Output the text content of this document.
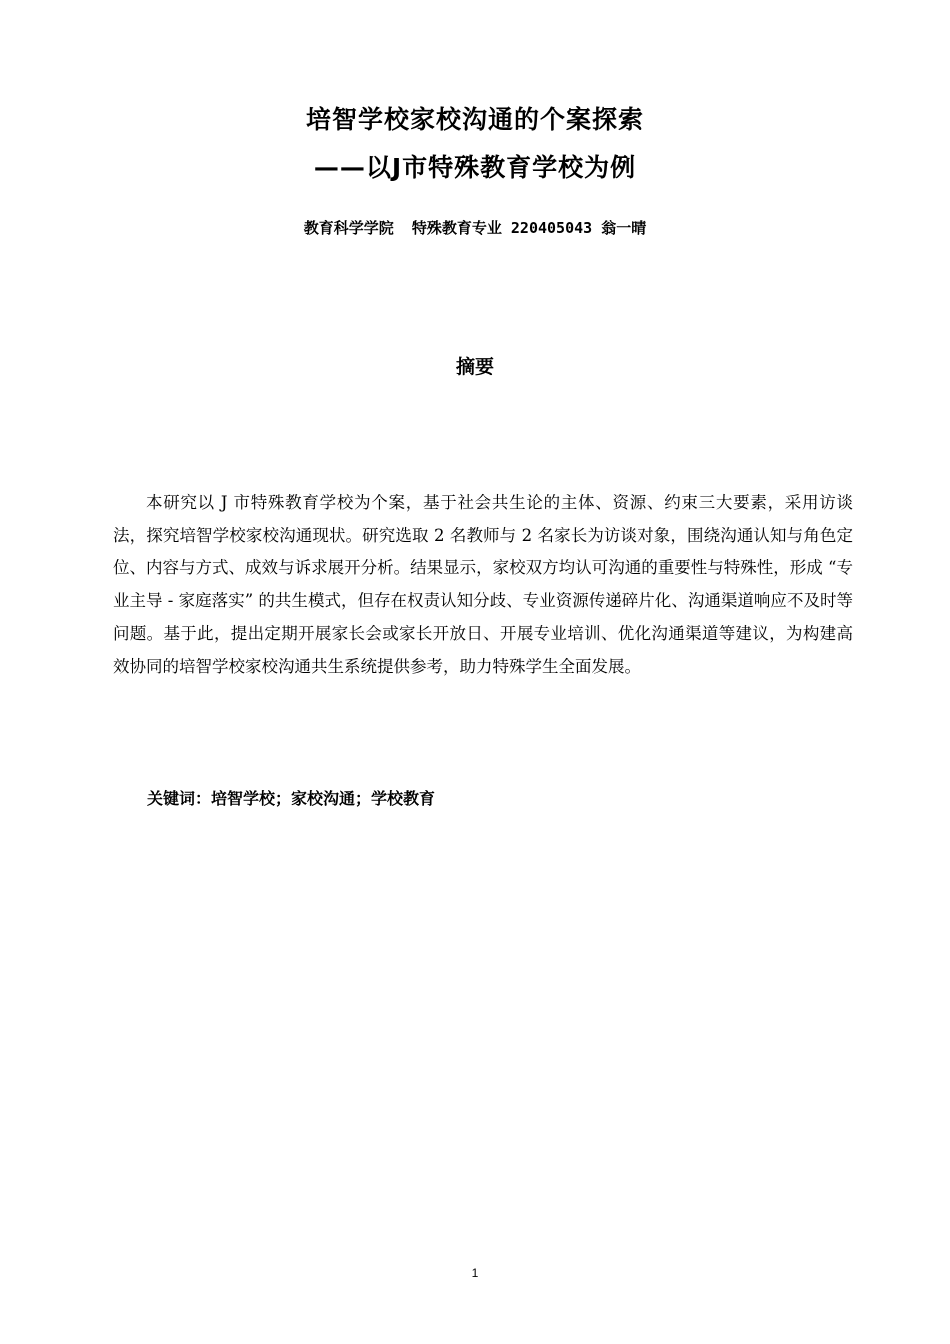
培智学校家校沟通的个案探索
——以J市特殊教育学校为例
教育科学学院  特殊教育专业 220405043 翁一晴
摘要

本研究以 J 市特殊教育学校为个案，基于社会共生论的主体、资源、约束三大要素，采用访谈法，探究培智学校家校沟通现状。研究选取 2 名教师与 2 名家长为访谈对象，围绕沟通认知与角色定位、内容与方式、成效与诉求展开分析。结果显示，家校双方均认可沟通的重要性与特殊性，形成 “专业主导 - 家庭落实” 的共生模式，但存在权责认知分歧、专业资源传递碎片化、沟通渠道响应不及时等问题。基于此，提出定期开展家长会或家长开放日、开展专业培训、优化沟通渠道等建议，为构建高效协同的培智学校家校沟通共生系统提供参考，助力特殊学生全面发展。

关键词：培智学校；家校沟通；学校教育
1
